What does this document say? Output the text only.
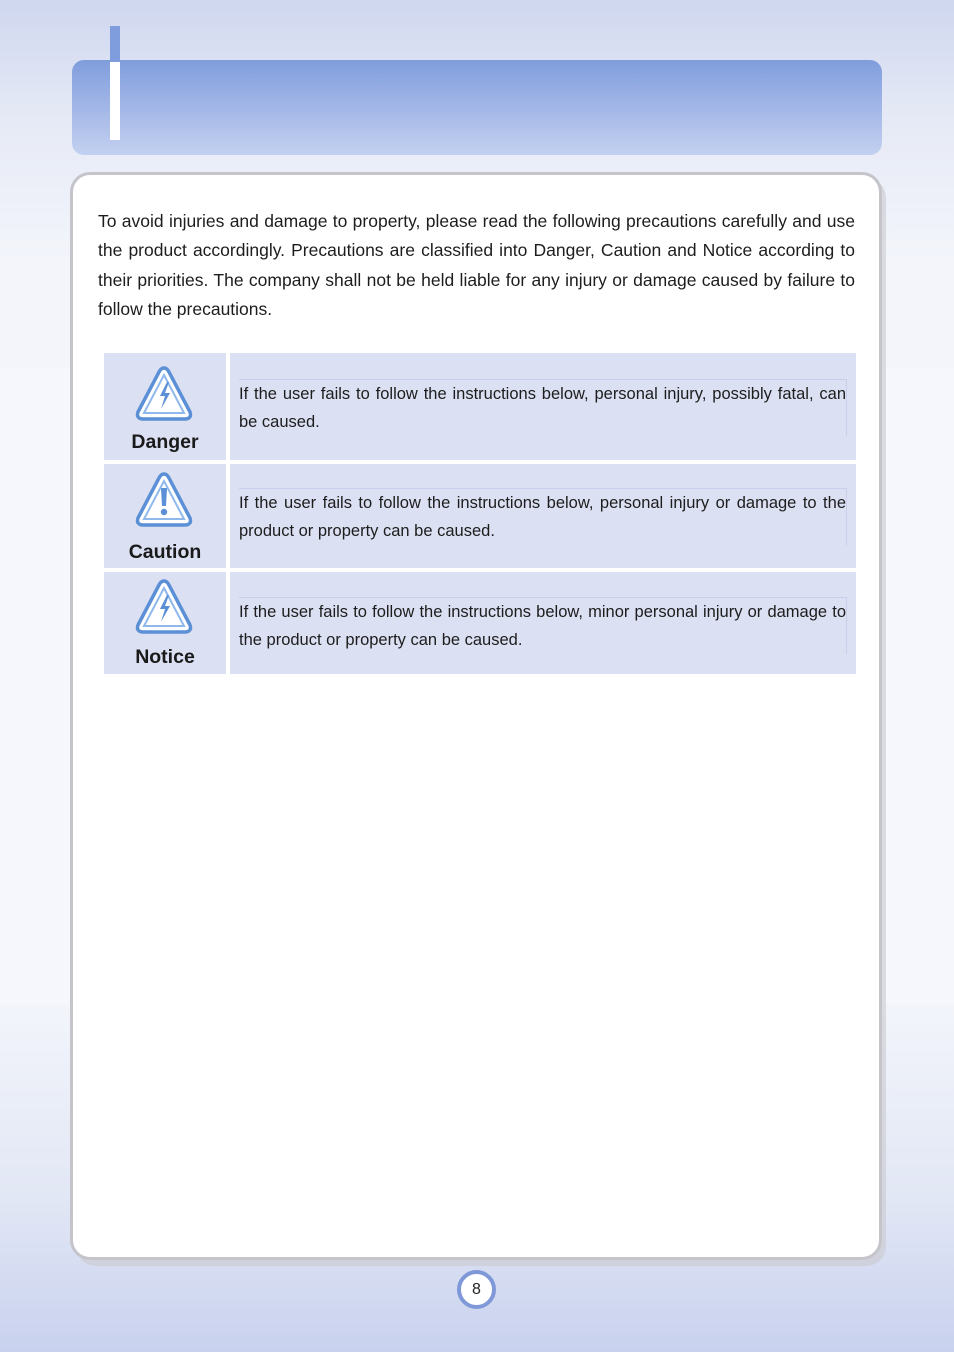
To avoid injuries and damage to property, please read the following precautions carefully and use the product accordingly. Precautions are classified into Danger, Caution and Notice according to their priorities. The company shall not be held liable for any injury or damage caused by failure to follow the precautions.

Danger

If the user fails to follow the instructions below, personal injury, possibly fatal, can be caused.

Caution

If the user fails to follow the instructions below, personal injury or damage to the product or property can be caused.

Notice

If the user fails to follow the instructions below, minor personal injury or damage to the product or property can be caused.

8
